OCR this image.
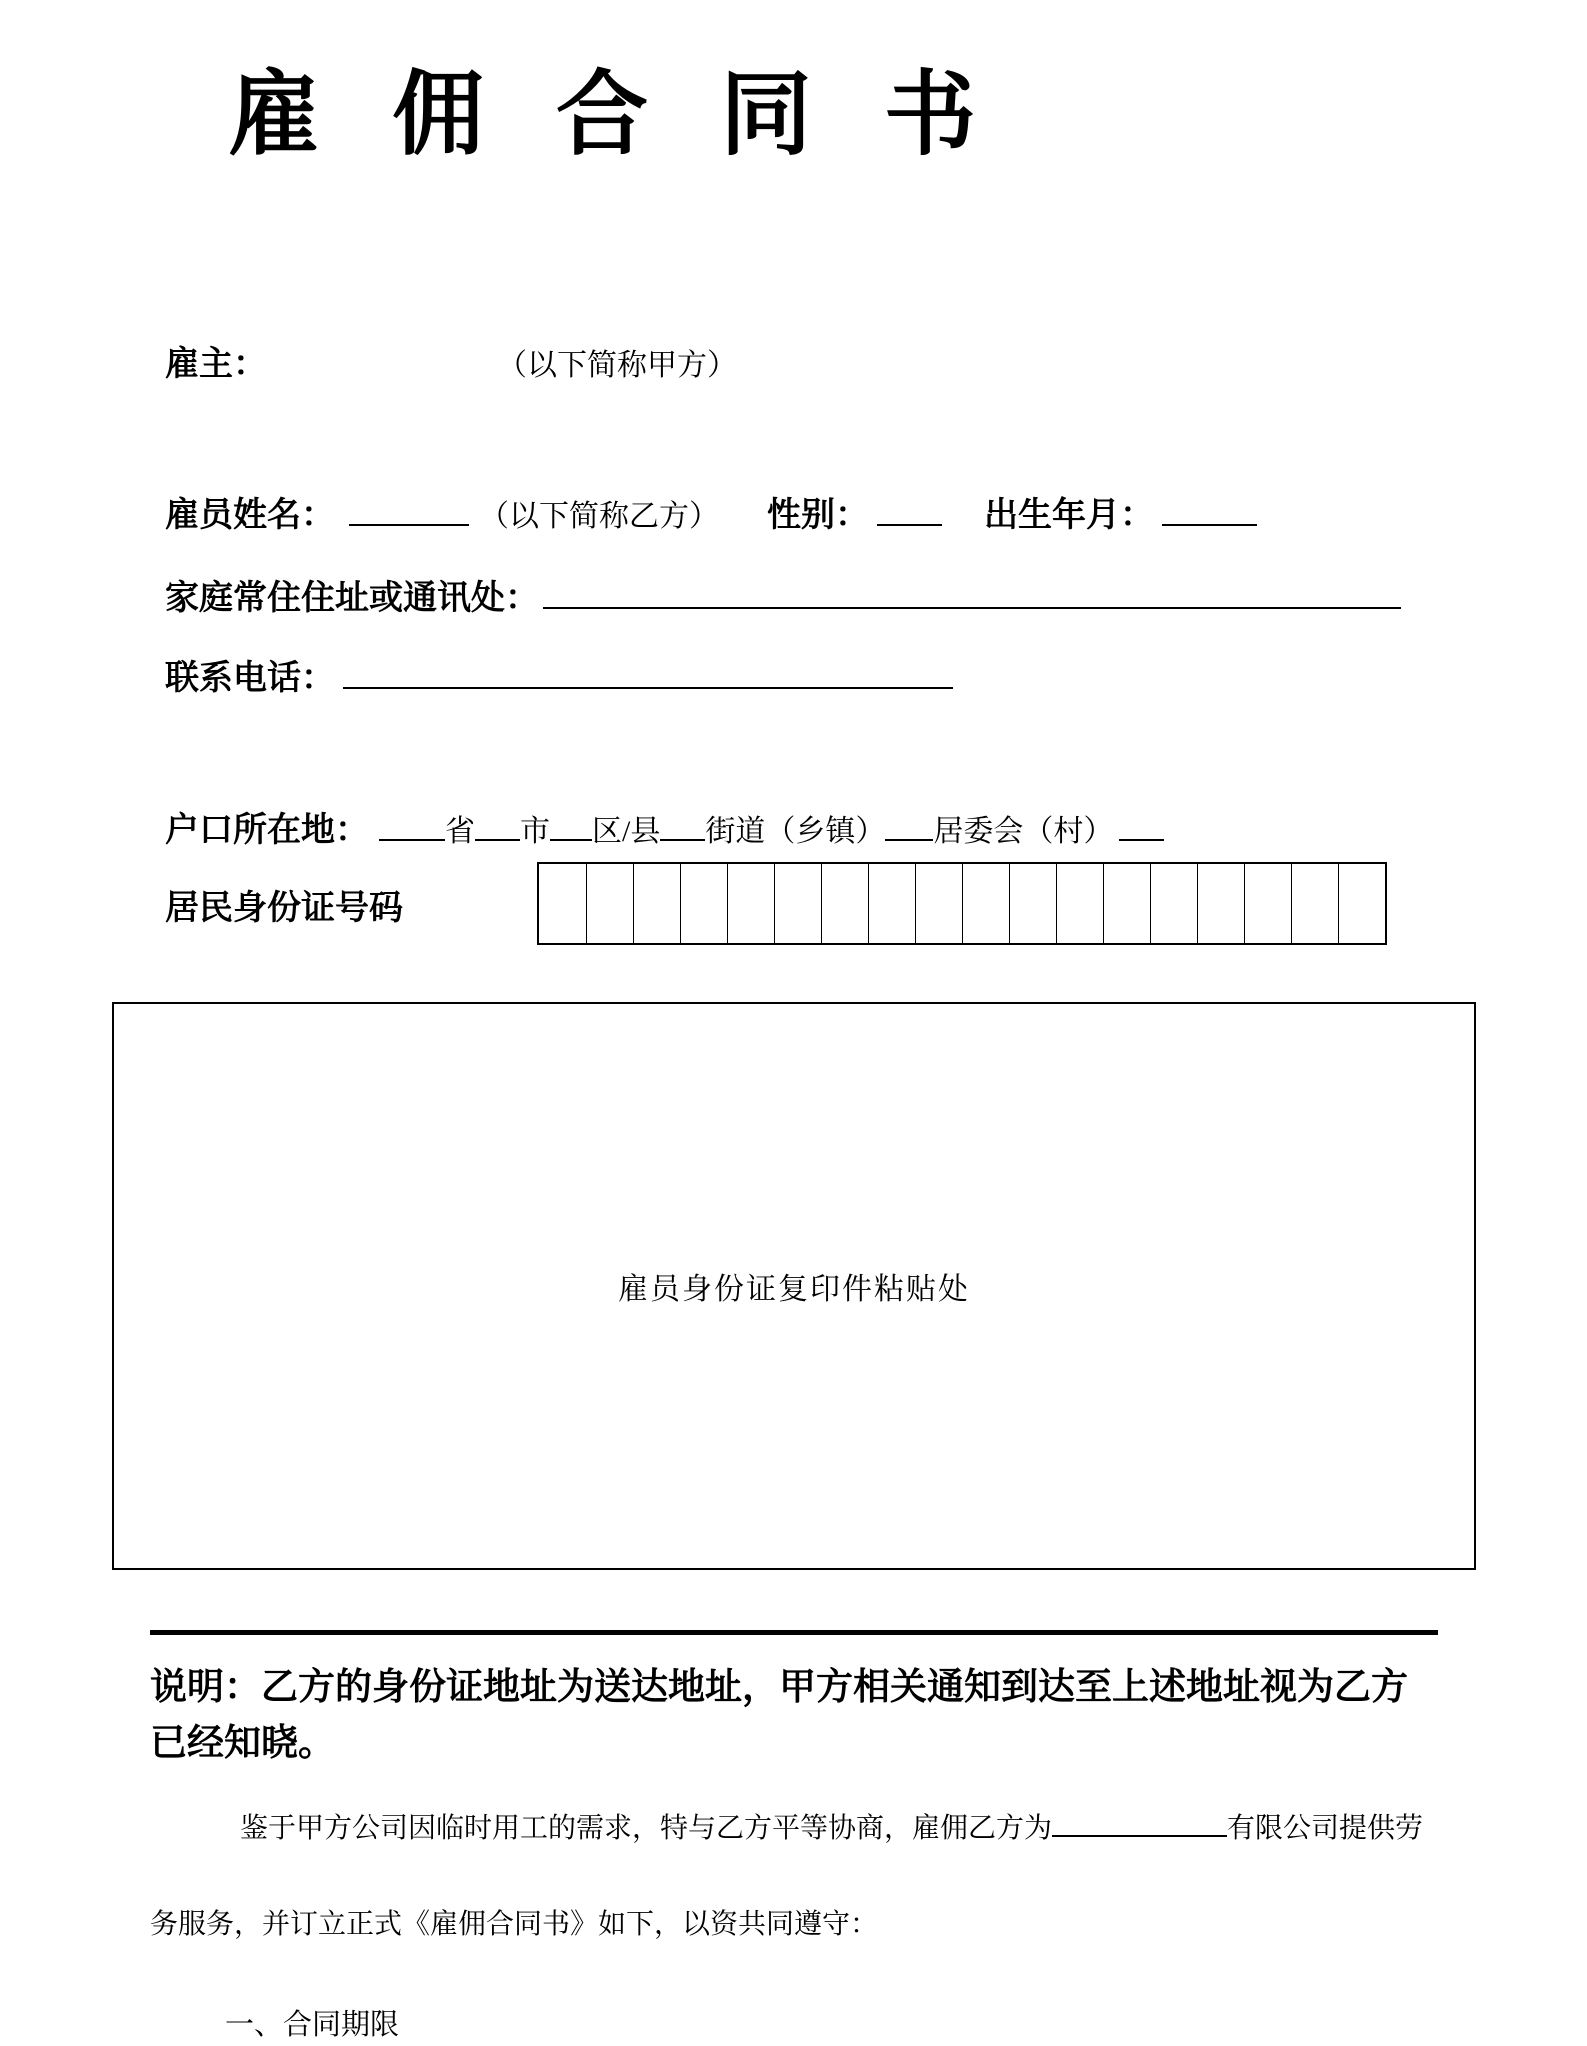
雇佣合同书
雇主：	（以下简称甲方）
雇员姓名：	（以下简称乙方） 性别：	出生年月：
家庭常住住址或通讯处：
联系电话：
户口所在地：	省 市 区/县 街道（乡镇） 居委会（村）
居民身份证号码
雇员身份证复印件粘贴处
说明：乙方的身份证地址为送达地址，甲方相关通知到达至上述地址视为乙方
已经知晓。
鉴于甲方公司因临时用工的需求，特与乙方平等协商，雇佣乙方为	有限公司提供劳
务服务，并订立正式《雇佣合同书》如下，以资共同遵守：
一、合同期限
